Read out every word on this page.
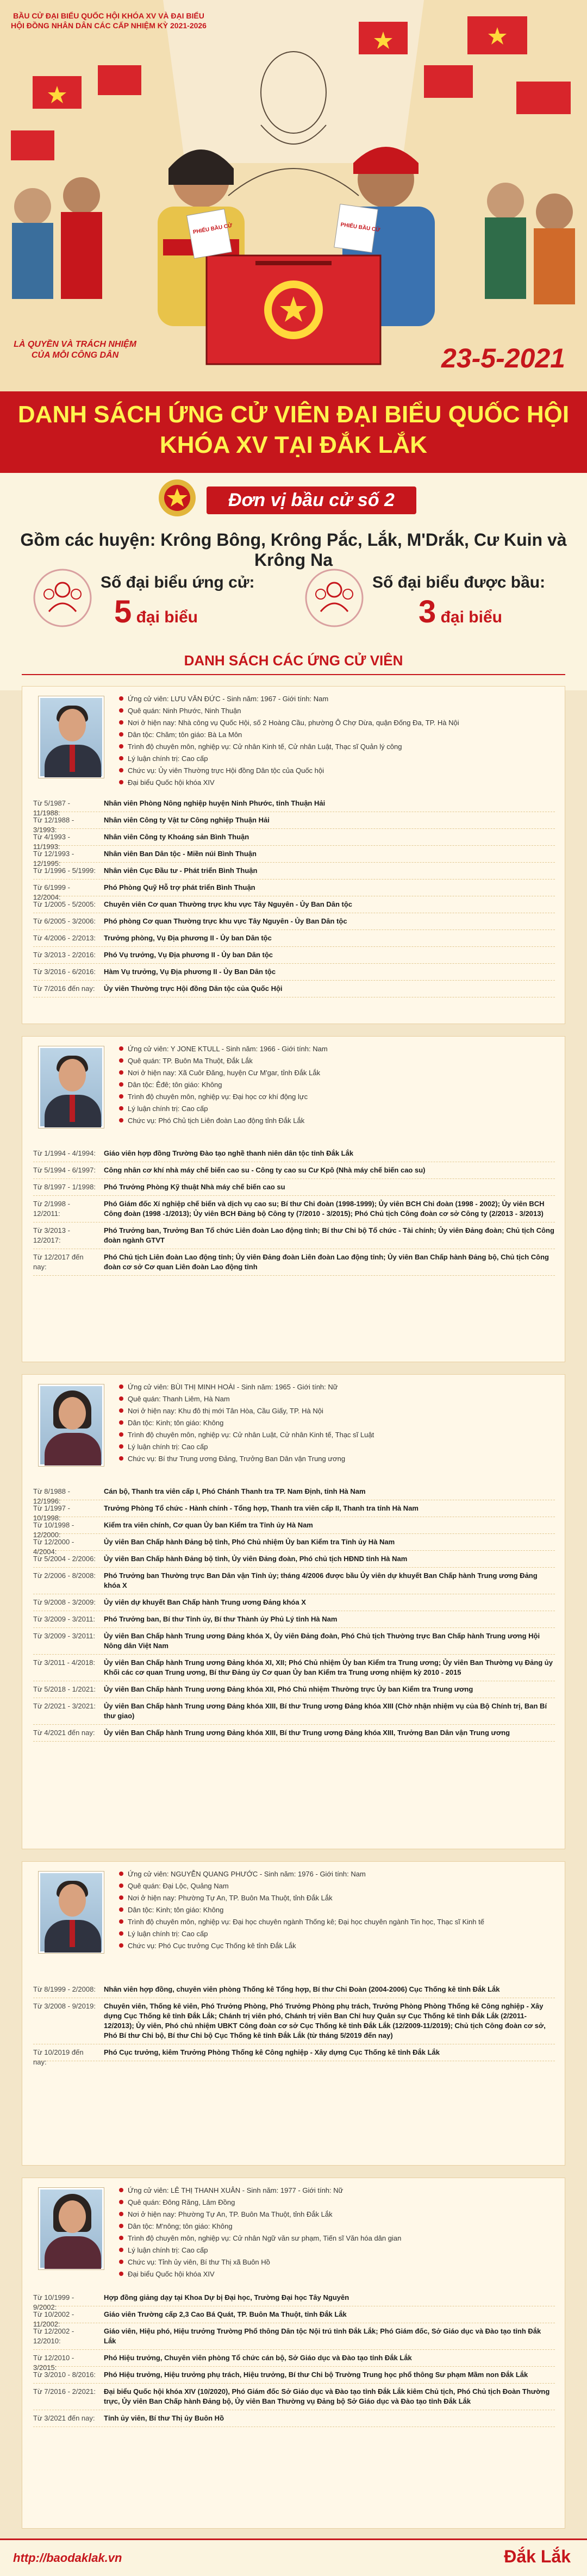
PHIẾU BẦU CỬ	PHIẾU BẦU CỬ
BẦU CỬ ĐẠI BIỂU QUỐC HỘI KHÓA XV VÀ ĐẠI BIỂU HỘI ĐỒNG NHÂN DÂN CÁC CẤP NHIỆM KỲ 2021-2026
LÀ QUYỀN VÀ TRÁCH NHIỆM CỦA MỖI CÔNG DÂN	23-5-2021
DANH SÁCH ỨNG CỬ VIÊN ĐẠI BIỂU QUỐC HỘI
KHÓA XV TẠI ĐẮK LẮK
Đơn vị bầu cử số 2
Gồm các huyện: Krông Bông, Krông Pắc, Lắk, M'Drắk, Cư Kuin và Krông Na
Số đại biểu ứng cử:
5 đại biểu
Số đại biểu được bầu:
3 đại biểu
DANH SÁCH CÁC ỨNG CỬ VIÊN
Ứng cử viên: LƯU VĂN ĐỨC - Sinh năm: 1967 - Giới tính: Nam
Quê quán: Ninh Phước, Ninh Thuận
Nơi ở hiện nay: Nhà công vụ Quốc Hội, số 2 Hoàng Cầu, phường Ô Chợ Dừa, quận Đống Đa, TP. Hà Nội
Dân tộc: Chăm; tôn giáo: Bà La Môn
Trình độ chuyên môn, nghiệp vụ: Cử nhân Kinh tế, Cử nhân Luật, Thạc sĩ Quản lý công
Lý luận chính trị: Cao cấp
Chức vụ: Ủy viên Thường trực Hội đồng Dân tộc của Quốc hội
Đại biểu Quốc hội khóa XIV
Từ 5/1987 - 11/1988:
Nhân viên Phòng Nông nghiệp huyện Ninh Phước, tỉnh Thuận Hải
Từ 12/1988 - 3/1993:
Nhân viên Công ty Vật tư Công nghiệp Thuận Hải
Từ 4/1993 - 11/1993:
Nhân viên Công ty Khoáng sản Bình Thuận
Từ 12/1993 - 12/1995:
Nhân viên Ban Dân tộc - Miền núi Bình Thuận
Từ 1/1996 - 5/1999:	Nhân viên Cục Đầu tư - Phát triển Bình Thuận
Từ 6/1999 - 12/2004:
Phó Phòng Quỹ Hỗ trợ phát triển Bình Thuận
Từ 1/2005 - 5/2005:	Chuyên viên Cơ quan Thường trực khu vực Tây Nguyên - Ủy Ban Dân tộc
Từ 6/2005 - 3/2006:	Phó phòng Cơ quan Thường trực khu vực Tây Nguyên - Ủy Ban Dân tộc
Từ 4/2006 - 2/2013:	Trưởng phòng, Vụ Địa phương II - Ủy ban Dân tộc
Từ 3/2013 - 2/2016:	Phó Vụ trưởng, Vụ Địa phương II - Ủy ban Dân tộc
Từ 3/2016 - 6/2016:	Hàm Vụ trưởng, Vụ Địa phương II - Ủy Ban Dân tộc
Từ 7/2016 đến nay:	Ủy viên Thường trực Hội đồng Dân tộc của Quốc Hội
Ứng cử viên: Y JONE KTULL - Sinh năm: 1966 - Giới tính: Nam
Quê quán: TP. Buôn Ma Thuột, Đắk Lắk
Nơi ở hiện nay: Xã Cuôr Đăng, huyện Cư M'gar, tỉnh Đắk Lắk
Dân tộc: Êđê; tôn giáo: Không
Trình độ chuyên môn, nghiệp vụ: Đại học cơ khí động lực
Lý luận chính trị: Cao cấp
Chức vụ: Phó Chủ tịch Liên đoàn Lao động tỉnh Đắk Lắk
Từ 1/1994 - 4/1994:	Giáo viên hợp đồng Trường Đào tạo nghề thanh niên dân tộc tỉnh Đắk Lắk
Từ 5/1994 - 6/1997:	Công nhân cơ khí nhà máy chế biến cao su - Công ty cao su Cư Kpô (Nhà máy chế biến cao su)
Từ 8/1997 - 1/1998:	Phó Trưởng Phòng Kỹ thuật Nhà máy chế biến cao su
Từ 2/1998 - 12/2011:
Phó Giám đốc Xí nghiệp chế biến và dịch vụ cao su; Bí thư Chi đoàn (1998-1999); Ủy viên BCH Chi đoàn (1998 - 2002); Ủy viên BCH Công đoàn (1998 -1/2013); Ủy viên BCH Đảng bộ Công ty (7/2010 - 3/2015); Phó Chủ tịch Công đoàn cơ sở Công ty (2/2013 - 3/2013)
Từ 3/2013 - 12/2017:
Phó Trưởng ban, Trưởng Ban Tổ chức Liên đoàn Lao động tỉnh; Bí thư Chi bộ Tổ chức - Tài chính; Ủy viên Đảng đoàn; Chủ tịch Công đoàn ngành GTVT
Từ 12/2017 đến nay:
Phó Chủ tịch Liên đoàn Lao động tỉnh; Ủy viên Đảng đoàn Liên đoàn Lao động tỉnh; Ủy viên Ban Chấp hành Đảng bộ, Chủ tịch Công đoàn cơ sở Cơ quan Liên đoàn Lao động tỉnh
Ứng cử viên: BÙI THỊ MINH HOÀI - Sinh năm: 1965 - Giới tính: Nữ
Quê quán: Thanh Liêm, Hà Nam
Nơi ở hiện nay: Khu đô thị mới Tân Hòa, Cầu Giấy, TP. Hà Nội
Dân tộc: Kinh; tôn giáo: Không
Trình độ chuyên môn, nghiệp vụ: Cử nhân Luật, Cử nhân Kinh tế, Thạc sĩ Luật
Lý luận chính trị: Cao cấp
Chức vụ: Bí thư Trung ương Đảng, Trưởng Ban Dân vận Trung ương
Từ 8/1988 - 12/1996:
Cán bộ, Thanh tra viên cấp I, Phó Chánh Thanh tra TP. Nam Định, tỉnh Hà Nam
Từ 1/1997 - 10/1998:
Trưởng Phòng Tổ chức - Hành chính - Tổng hợp, Thanh tra viên cấp II, Thanh tra tỉnh Hà Nam
Từ 10/1998 - 12/2000:
Kiểm tra viên chính, Cơ quan Ủy ban Kiểm tra Tỉnh ủy Hà Nam
Từ 12/2000 - 4/2004:
Ủy viên Ban Chấp hành Đảng bộ tỉnh, Phó Chủ nhiệm Ủy ban Kiểm tra Tỉnh ủy Hà Nam
Từ 5/2004 - 2/2006:	Ủy viên Ban Chấp hành Đảng bộ tỉnh, Ủy viên Đảng đoàn, Phó chủ tịch HĐND tỉnh Hà Nam
Từ 2/2006 - 8/2008:	Phó Trưởng ban Thường trực Ban Dân vận Tỉnh ủy; tháng 4/2006 được bầu Ủy viên dự khuyết Ban Chấp hành Trung ương Đảng khóa X
Từ 9/2008 - 3/2009:	Ủy viên dự khuyết Ban Chấp hành Trung ương Đảng khóa X
Từ 3/2009 - 3/2011:	Phó Trưởng ban, Bí thư Tỉnh ủy, Bí thư Thành ủy Phủ Lý tỉnh Hà Nam
Từ 3/2009 - 3/2011:	Ủy viên Ban Chấp hành Trung ương Đảng khóa X, Ủy viên Đảng đoàn, Phó Chủ tịch Thường trực Ban Chấp hành Trung ương Hội Nông dân Việt Nam
Từ 3/2011 - 4/2018:	Ủy viên Ban Chấp hành Trung ương Đảng khóa XI, XII; Phó Chủ nhiệm Ủy ban Kiểm tra Trung ương; Ủy viên Ban Thường vụ Đảng ủy Khối các cơ quan Trung ương, Bí thư Đảng ủy Cơ quan Ủy ban Kiểm tra Trung ương nhiệm kỳ 2010 - 2015
Từ 5/2018 - 1/2021:	Ủy viên Ban Chấp hành Trung ương Đảng khóa XII, Phó Chủ nhiệm Thường trực Ủy ban Kiểm tra Trung ương
Từ 2/2021 - 3/2021:	Ủy viên Ban Chấp hành Trung ương Đảng khóa XIII, Bí thư Trung ương Đảng khóa XIII (Chờ nhận nhiệm vụ của Bộ Chính trị, Ban Bí thư giao)
Từ 4/2021 đến nay:	Ủy viên Ban Chấp hành Trung ương Đảng khóa XIII, Bí thư Trung ương Đảng khóa XIII, Trưởng Ban Dân vận Trung ương
Ứng cử viên: NGUYỄN QUANG PHƯỚC - Sinh năm: 1976 - Giới tính: Nam
Quê quán: Đại Lộc, Quảng Nam
Nơi ở hiện nay: Phường Tự An, TP. Buôn Ma Thuột, tỉnh Đắk Lắk
Dân tộc: Kinh; tôn giáo: Không
Trình độ chuyên môn, nghiệp vụ: Đại học chuyên ngành Thống kê; Đại học chuyên ngành Tin học, Thạc sĩ Kinh tế
Lý luận chính trị: Cao cấp
Chức vụ: Phó Cục trưởng Cục Thống kê tỉnh Đắk Lắk
Từ 8/1999 - 2/2008:	Nhân viên hợp đồng, chuyên viên phòng Thống kê Tổng hợp, Bí thư Chi Đoàn (2004-2006) Cục Thống kê tỉnh Đắk Lắk
Từ 3/2008 - 9/2019:	Chuyên viên, Thống kê viên, Phó Trưởng Phòng, Phó Trưởng Phòng phụ trách, Trưởng Phòng Phòng Thống kê Công nghiệp - Xây dựng Cục Thống kê tỉnh Đắk Lắk; Chánh trị viên phó, Chánh trị viên Ban Chỉ huy Quân sự Cục Thống kê tỉnh Đắk Lắk (2/2011-12/2013); Ủy viên, Phó chủ nhiệm UBKT Công đoàn cơ sở Cục Thống kê tỉnh Đắk Lắk (12/2009-11/2019); Chủ tịch Công đoàn cơ sở, Phó Bí thư Chi bộ, Bí thư Chi bộ Cục Thống kê tỉnh Đắk Lắk (từ tháng 5/2019 đến nay)
Từ 10/2019 đến nay:
Phó Cục trưởng, kiêm Trưởng Phòng Thống kê Công nghiệp - Xây dựng Cục Thống kê tỉnh Đắk Lắk
Ứng cử viên: LÊ THỊ THANH XUÂN - Sinh năm: 1977 - Giới tính: Nữ
Quê quán: Đông Răng, Lâm Đồng
Nơi ở hiện nay: Phường Tự An, TP. Buôn Ma Thuột, tỉnh Đắk Lắk
Dân tộc: M'nông; tôn giáo: Không
Trình độ chuyên môn, nghiệp vụ: Cử nhân Ngữ văn sư phạm, Tiến sĩ Văn hóa dân gian
Lý luận chính trị: Cao cấp
Chức vụ: Tỉnh ủy viên, Bí thư Thị xã Buôn Hồ
Đại biểu Quốc hội khóa XIV
Từ 10/1999 - 9/2002:
Hợp đồng giảng dạy tại Khoa Dự bị Đại học, Trường Đại học Tây Nguyên
Từ 10/2002 - 11/2002:
Giáo viên Trường cấp 2,3 Cao Bá Quát, TP. Buôn Ma Thuột, tỉnh Đắk Lắk
Từ 12/2002 - 12/2010:
Giáo viên, Hiệu phó, Hiệu trưởng Trường Phổ thông Dân tộc Nội trú tỉnh Đắk Lắk; Phó Giám đốc, Sở Giáo dục và Đào tạo tỉnh Đắk Lắk
Từ 12/2010 - 3/2015:
Phó Hiệu trưởng, Chuyên viên phòng Tổ chức cán bộ, Sở Giáo dục và Đào tạo tỉnh Đắk Lắk
Từ 3/2010 - 8/2016:	Phó Hiệu trưởng, Hiệu trưởng phụ trách, Hiệu trưởng, Bí thư Chi bộ Trường Trung học phổ thông Sư phạm Mầm non Đắk Lắk
Từ 7/2016 - 2/2021:	Đại biểu Quốc hội khóa XIV (10/2020), Phó Giám đốc Sở Giáo dục và Đào tạo tỉnh Đắk Lắk kiêm Chủ tịch, Phó Chủ tịch Đoàn Thường trực, Ủy viên Ban Chấp hành Đảng bộ, Ủy viên Ban Thường vụ Đảng bộ Sở Giáo dục và Đào tạo tỉnh Đắk Lắk
Từ 3/2021 đến nay:	Tỉnh ủy viên, Bí thư Thị ủy Buôn Hồ
http://baodaklak.vn	Đắk Lắk
